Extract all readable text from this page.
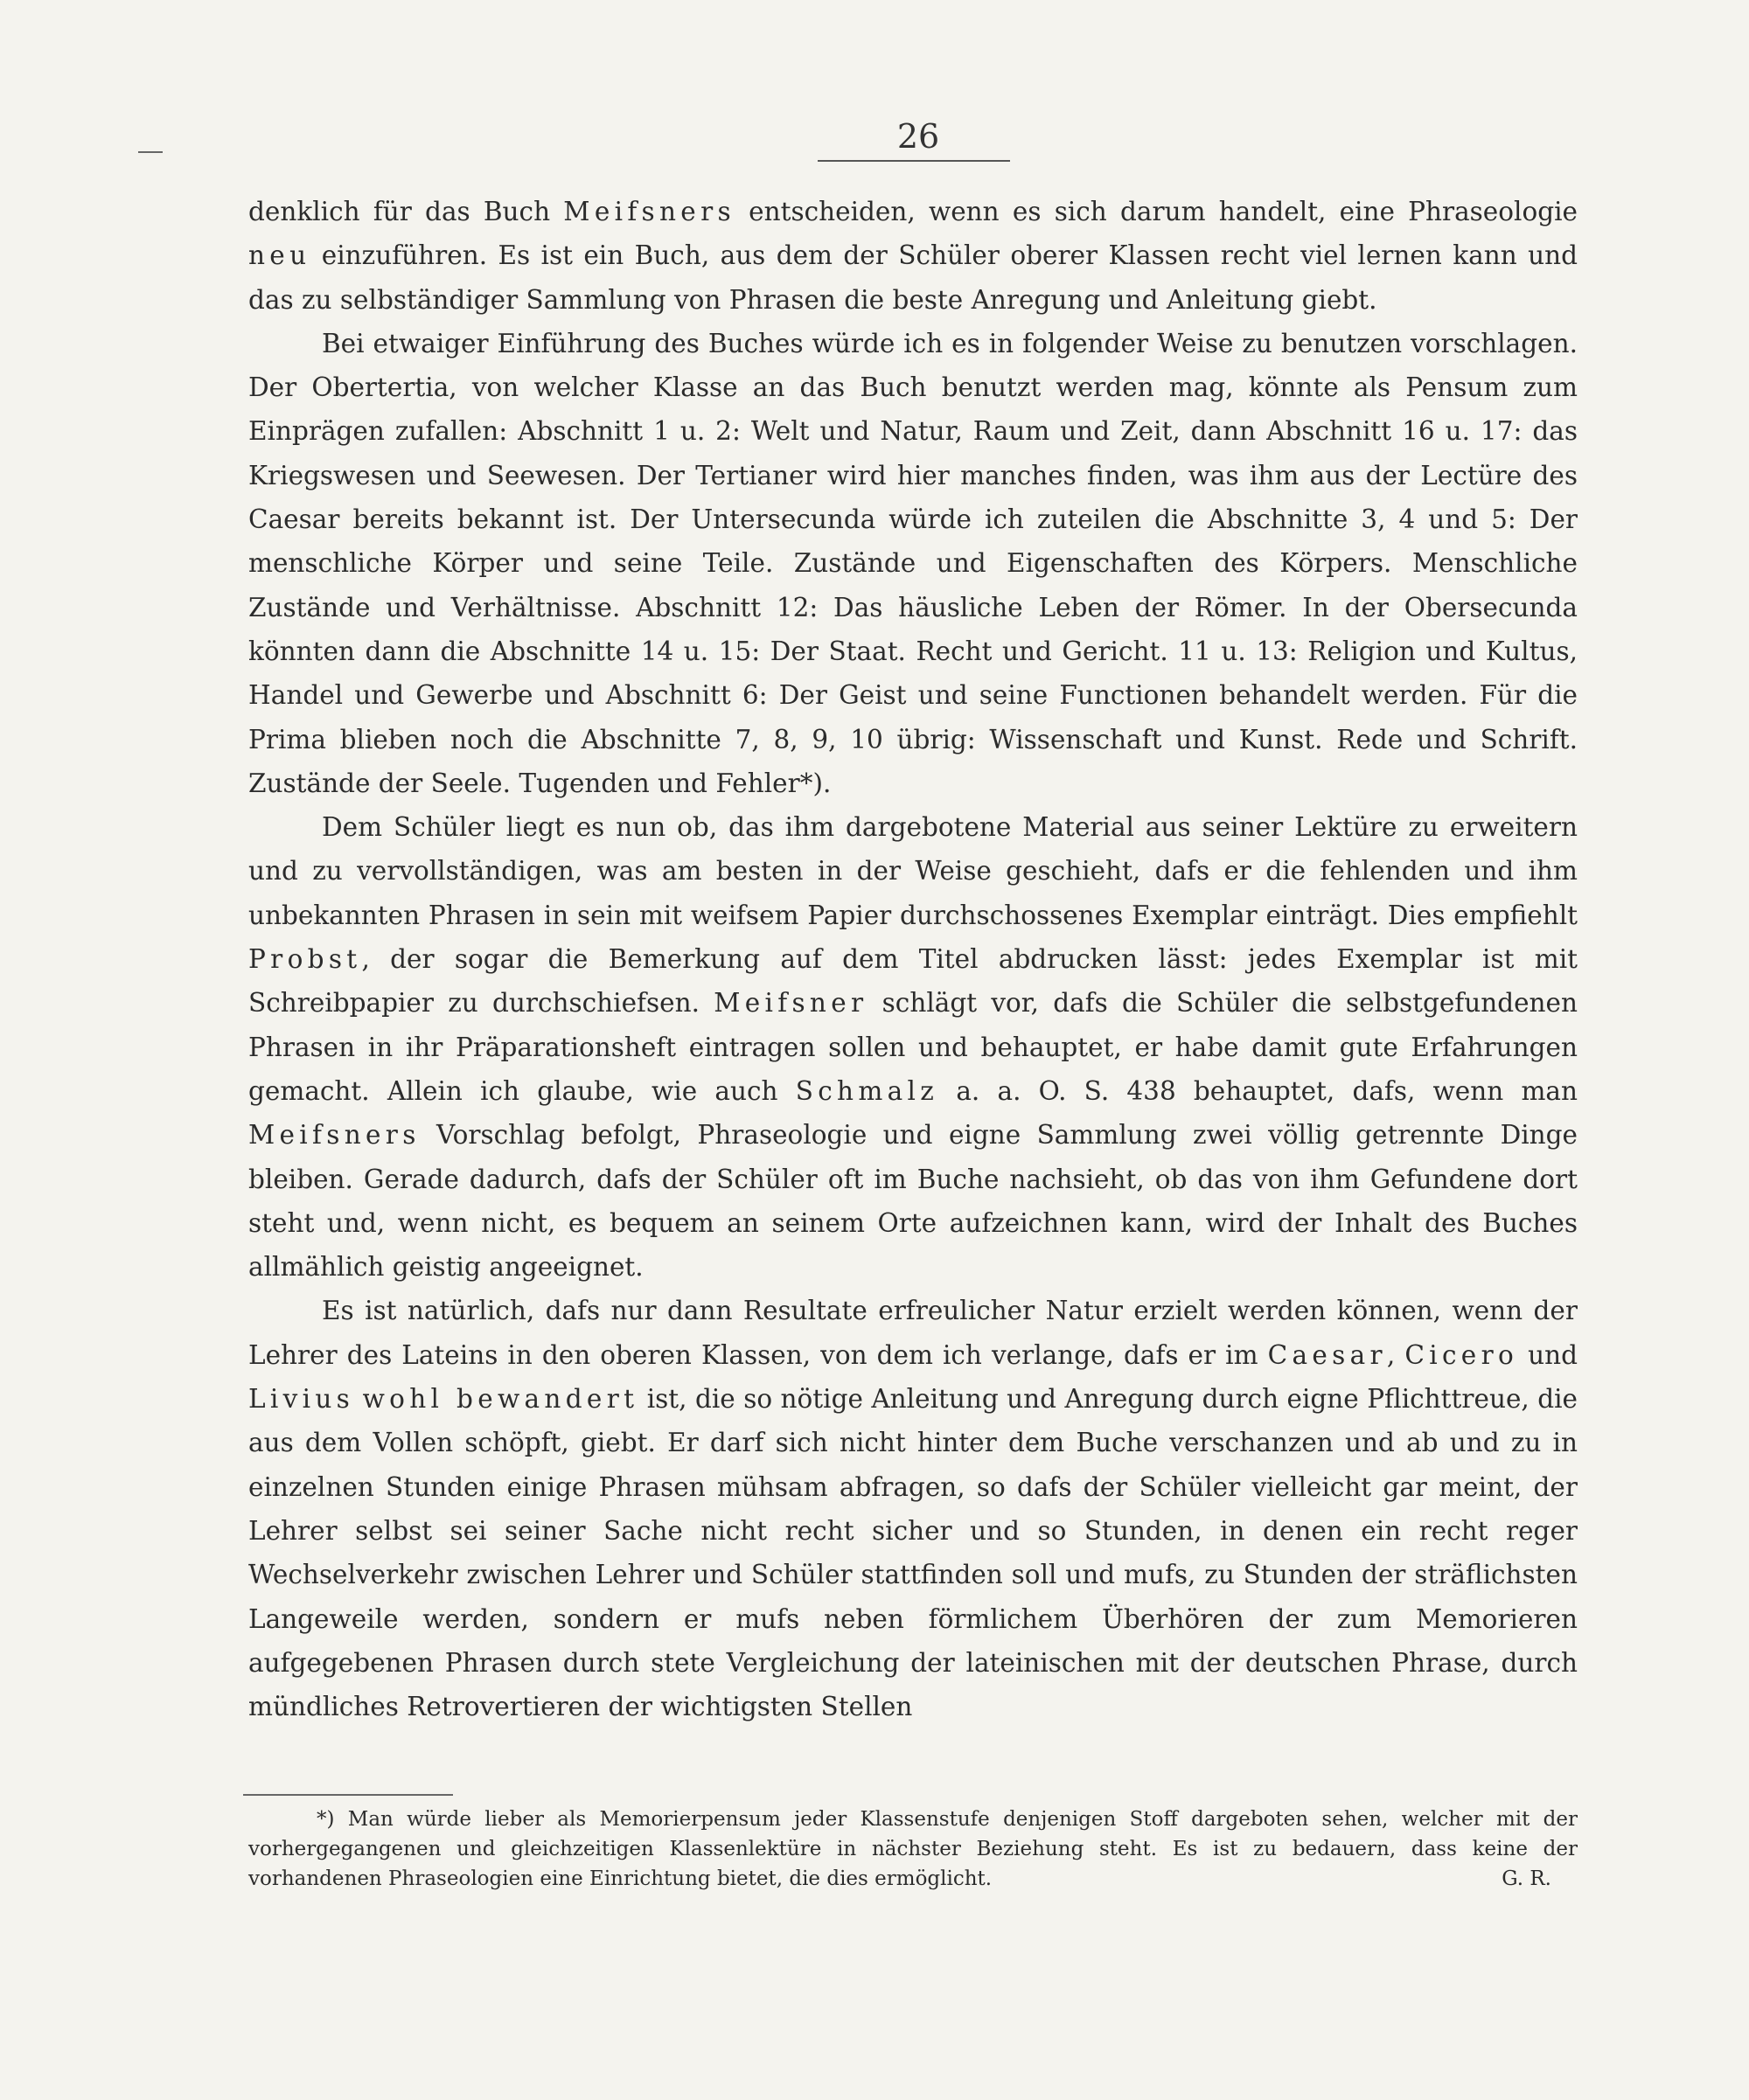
26

denklich für das Buch Meifsners entscheiden, wenn es sich darum handelt, eine Phraseologie neu einzuführen. Es ist ein Buch, aus dem der Schüler oberer Klassen recht viel lernen kann und das zu selbständiger Sammlung von Phrasen die beste Anregung und Anleitung giebt.

Bei etwaiger Einführung des Buches würde ich es in folgender Weise zu benutzen vorschlagen. Der Obertertia, von welcher Klasse an das Buch benutzt werden mag, könnte als Pensum zum Einprägen zufallen: Abschnitt 1 u. 2: Welt und Natur, Raum und Zeit, dann Abschnitt 16 u. 17: das Kriegswesen und Seewesen. Der Tertianer wird hier manches finden, was ihm aus der Lectüre des Caesar bereits bekannt ist. Der Untersecunda würde ich zuteilen die Abschnitte 3, 4 und 5: Der menschliche Körper und seine Teile. Zustände und Eigenschaften des Körpers. Menschliche Zustände und Verhältnisse. Abschnitt 12: Das häusliche Leben der Römer. In der Obersecunda könnten dann die Abschnitte 14 u. 15: Der Staat. Recht und Gericht. 11 u. 13: Religion und Kultus, Handel und Gewerbe und Abschnitt 6: Der Geist und seine Functionen behandelt werden. Für die Prima blieben noch die Abschnitte 7, 8, 9, 10 übrig: Wissenschaft und Kunst. Rede und Schrift. Zustände der Seele. Tugenden und Fehler*).

Dem Schüler liegt es nun ob, das ihm dargebotene Material aus seiner Lektüre zu erweitern und zu vervollständigen, was am besten in der Weise geschieht, dafs er die fehlenden und ihm unbekannten Phrasen in sein mit weifsem Papier durchschossenes Exemplar einträgt. Dies empfiehlt Probst, der sogar die Bemerkung auf dem Titel abdrucken lässt: jedes Exemplar ist mit Schreibpapier zu durchschiefsen. Meifsner schlägt vor, dafs die Schüler die selbstgefundenen Phrasen in ihr Präparationsheft eintragen sollen und behauptet, er habe damit gute Erfahrungen gemacht. Allein ich glaube, wie auch Schmalz a. a. O. S. 438 behauptet, dafs, wenn man Meifsners Vorschlag befolgt, Phraseologie und eigne Sammlung zwei völlig getrennte Dinge bleiben. Gerade dadurch, dafs der Schüler oft im Buche nachsieht, ob das von ihm Gefundene dort steht und, wenn nicht, es bequem an seinem Orte aufzeichnen kann, wird der Inhalt des Buches allmählich geistig angeeignet.

Es ist natürlich, dafs nur dann Resultate erfreulicher Natur erzielt werden können, wenn der Lehrer des Lateins in den oberen Klassen, von dem ich verlange, dafs er im Caesar, Cicero und Livius wohl bewandert ist, die so nötige Anleitung und Anregung durch eigne Pflichttreue, die aus dem Vollen schöpft, giebt. Er darf sich nicht hinter dem Buche verschanzen und ab und zu in einzelnen Stunden einige Phrasen mühsam abfragen, so dafs der Schüler vielleicht gar meint, der Lehrer selbst sei seiner Sache nicht recht sicher und so Stunden, in denen ein recht reger Wechselverkehr zwischen Lehrer und Schüler stattfinden soll und mufs, zu Stunden der sträflichsten Langeweile werden, sondern er mufs neben förmlichem Überhören der zum Memorieren aufgegebenen Phrasen durch stete Vergleichung der lateinischen mit der deutschen Phrase, durch mündliches Retrovertieren der wichtigsten Stellen

*) Man würde lieber als Memorierpensum jeder Klassenstufe denjenigen Stoff dargeboten sehen, welcher mit der vorhergegangenen und gleichzeitigen Klassenlektüre in nächster Beziehung steht. Es ist zu bedauern, dass keine der vorhandenen Phraseologien eine Einrichtung bietet, die dies ermöglicht.	G. R.
